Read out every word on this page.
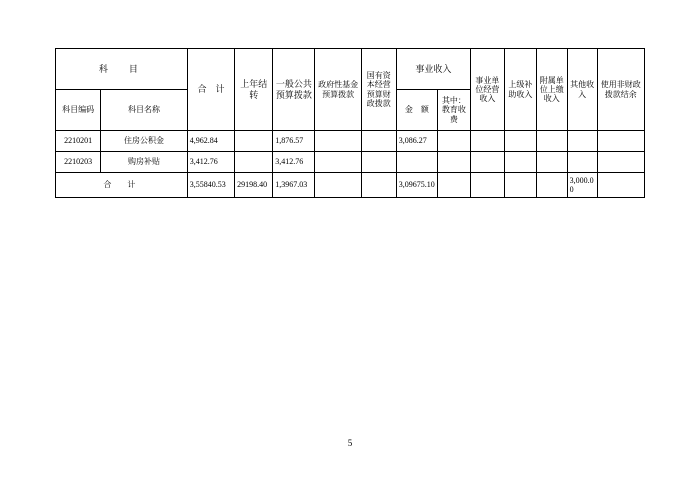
科　目		合　计	上年结转	一般公共预算拨款	政府性基金预算拨款	国有资本经营预算财政拨款	事业收入		事业单位经营收入	上级补助收入	附属单位上缴收入	其他收入	使用非财政拨款结余

科目编码	科目名称						金　额	其中：教育收费					
2210201	住房公积金	4,962.84		1,876.57			3,086.27						
2210203	购房补贴	3,412.76		3,412.76									
合　计		3,55840.53	29198.40	1,3967.03			3,09675.10					3,000.00	
5
